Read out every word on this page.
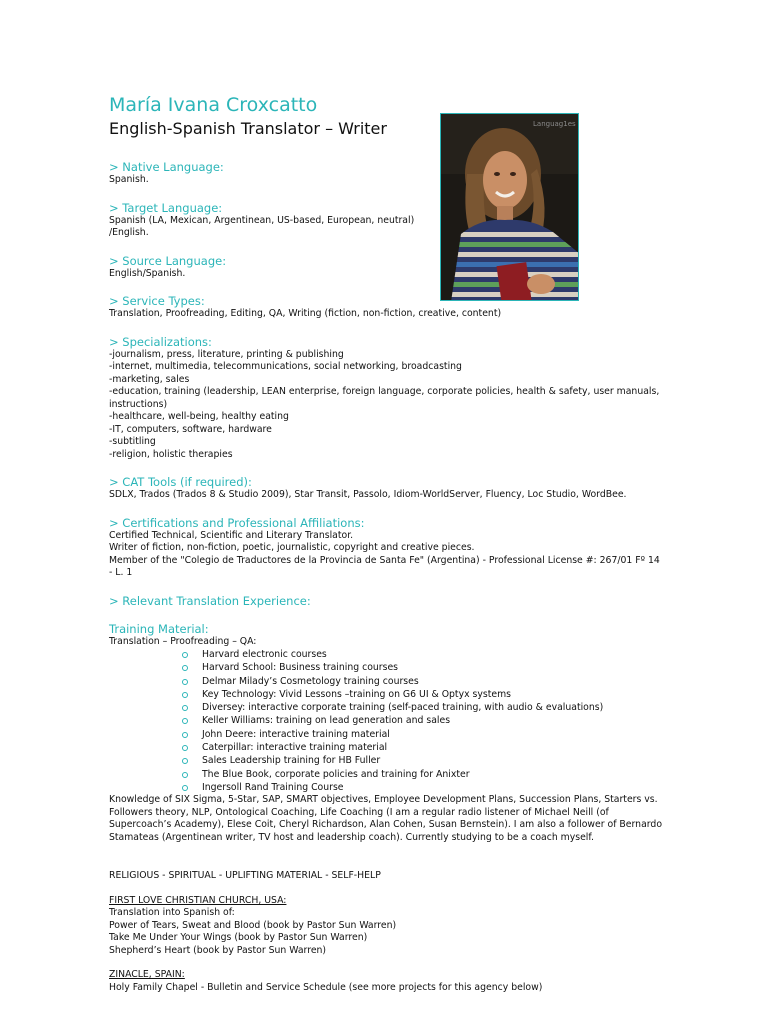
Languag1es
María Ivana Croxcatto

English-Spanish Translator – Writer

> Native Language:

Spanish.

> Target Language:

Spanish (LA, Mexican, Argentinean, US-based, European, neutral)

/English.

> Source Language:

English/Spanish.

> Service Types:

Translation, Proofreading, Editing, QA, Writing (fiction, non-fiction, creative, content)

> Specializations:

-journalism, press, literature, printing & publishing

-internet, multimedia, telecommunications, social networking, broadcasting

-marketing, sales

-education, training (leadership, LEAN enterprise, foreign language, corporate policies, health & safety, user manuals,

instructions)

-healthcare, well-being, healthy eating

-IT, computers, software, hardware

-subtitling

-religion, holistic therapies

> CAT Tools (if required):

SDLX, Trados (Trados 8 & Studio 2009), Star Transit, Passolo, Idiom-WorldServer, Fluency, Loc Studio, WordBee.

> Certifications and Professional Affiliations:

Certified Technical, Scientific and Literary Translator.

Writer of fiction, non-fiction, poetic, journalistic, copyright and creative pieces.

Member of the "Colegio de Traductores de la Provincia de Santa Fe" (Argentina) - Professional License #: 267/01 Fº 14

- L. 1

> Relevant Translation Experience:

Training Material:

Translation – Proofreading – QA:

Harvard electronic courses
Harvard School: Business training courses
Delmar Milady’s Cosmetology training courses
Key Technology: Vivid Lessons –training on G6 UI & Optyx systems
Diversey: interactive corporate training (self-paced training, with audio & evaluations)
Keller Williams: training on lead generation and sales
John Deere: interactive training material
Caterpillar: interactive training material
Sales Leadership training for HB Fuller
The Blue Book, corporate policies and training for Anixter
Ingersoll Rand Training Course

Knowledge of SIX Sigma, 5-Star, SAP, SMART objectives, Employee Development Plans, Succession Plans, Starters vs.

Followers theory, NLP, Ontological Coaching, Life Coaching (I am a regular radio listener of Michael Neill (of

Supercoach’s Academy), Elese Coit, Cheryl Richardson, Alan Cohen, Susan Bernstein). I am also a follower of Bernardo

Stamateas (Argentinean writer, TV host and leadership coach). Currently studying to be a coach myself.

RELIGIOUS - SPIRITUAL - UPLIFTING MATERIAL - SELF-HELP

FIRST LOVE CHRISTIAN CHURCH, USA:

Translation into Spanish of:

Power of Tears, Sweat and Blood (book by Pastor Sun Warren)

Take Me Under Your Wings (book by Pastor Sun Warren)

Shepherd’s Heart (book by Pastor Sun Warren)

ZINACLE, SPAIN:

Holy Family Chapel - Bulletin and Service Schedule (see more projects for this agency below)
